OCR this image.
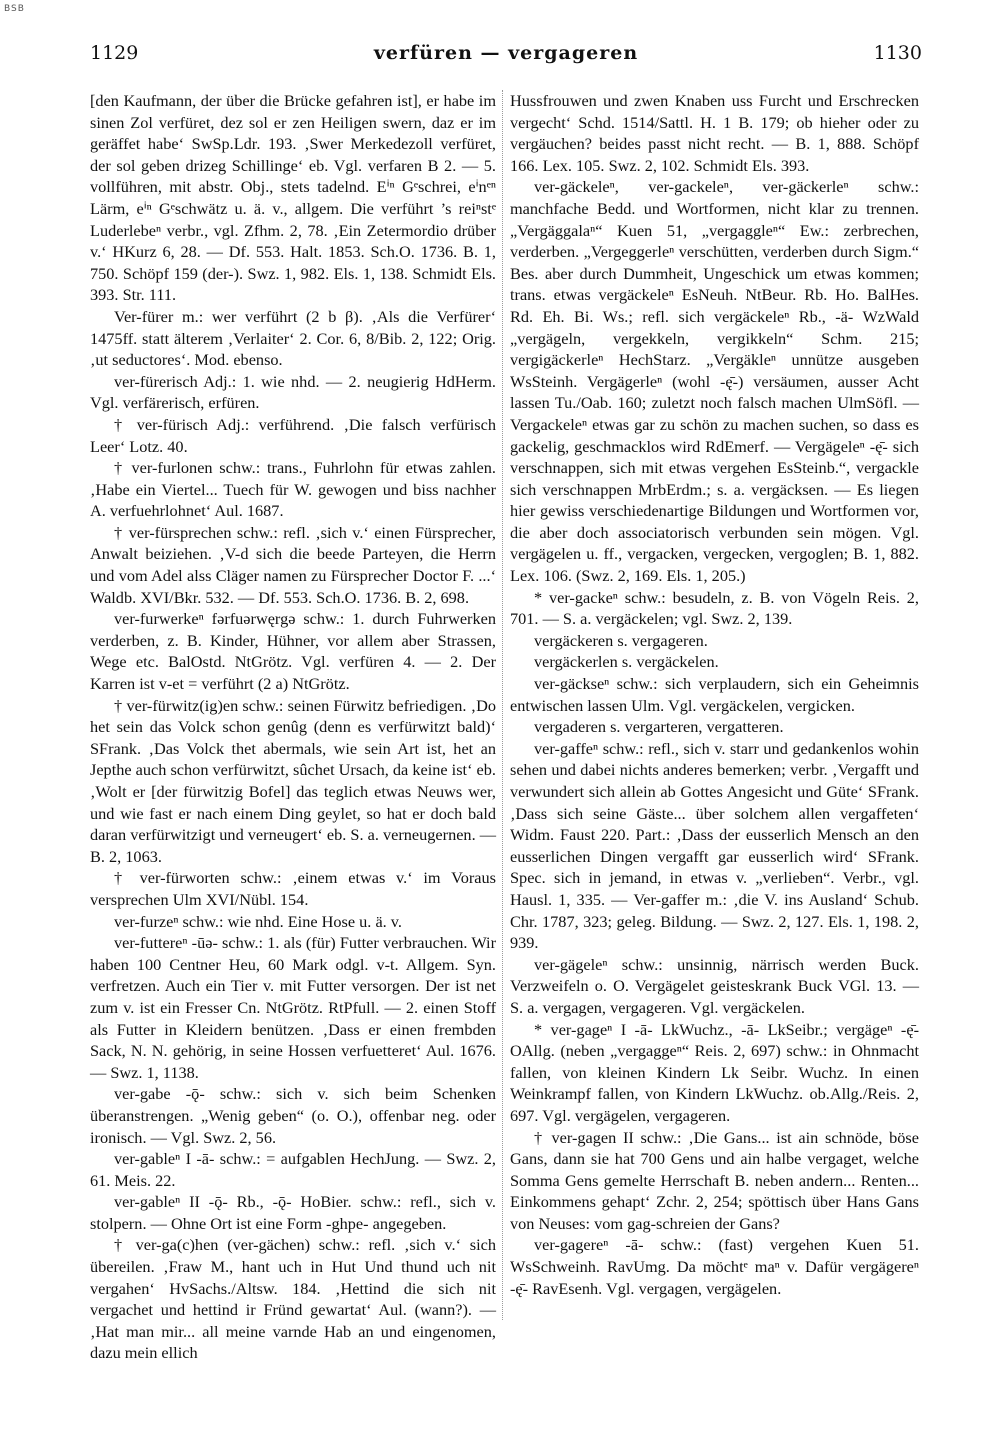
BSB
1129	verfüren — vergageren	1130

[den Kaufmann, der über die Brücke gefahren ist], er habe im sinen Zol verfüret, dez sol er zen Heiligen swern, daz er im geräffet habe‘ SwSp.Ldr. 193. ‚Swer Merkedezoll verfüret, der sol geben drizeg Schillinge‘ eb. Vgl. verfaren B 2. — 5. vollführen, mit abstr. Obj., stets tadelnd. Eⁱⁿ Gᵉschrei, eⁱnᵉⁿ Lärm, eⁱⁿ Gᵉschwätz u. ä. v., allgem. Die verführt ’s reiⁿstᵉ Luderlebeⁿ verbr., vgl. Zfhm. 2, 78. ‚Ein Zetermordio drüber v.‘ HKurz 6, 28. — Df. 553. Halt. 1853. Sch.O. 1736. B. 1, 750. Schöpf 159 (der-). Swz. 1, 982. Els. 1, 138. Schmidt Els. 393. Str. 111.

Ver-fürer m.: wer verführt (2 b β). ‚Als die Verfürer‘ 1475ff. statt älterem ‚Verlaiter‘ 2. Cor. 6, 8/Bib. 2, 122; Orig. ‚ut seductores‘. Mod. ebenso.

ver-fürerisch Adj.: 1. wie nhd. — 2. neugierig HdHerm. Vgl. verfärerisch, erfüren.

† ver-fürisch Adj.: verführend. ‚Die falsch verfürisch Leer‘ Lotz. 40.

† ver-furlonen schw.: trans., Fuhrlohn für etwas zahlen. ‚Habe ein Viertel... Tuech für W. gewogen und biss nachher A. verfuehrlohnet‘ Aul. 1687.

† ver-fürsprechen schw.: refl. ‚sich v.‘ einen Fürsprecher, Anwalt beiziehen. ‚V-d sich die beede Parteyen, die Herrn und vom Adel alss Cläger namen zu Fürsprecher Doctor F. ...‘ Waldb. XVI/Bkr. 532. — Df. 553. Sch.O. 1736. B. 2, 698.

ver-furwerkeⁿ fərfuərwęrgə schw.: 1. durch Fuhrwerken verderben, z. B. Kinder, Hühner, vor allem aber Strassen, Wege etc. BalOstd. NtGrötz. Vgl. verfüren 4. — 2. Der Karren ist v-et = verführt (2 a) NtGrötz.

† ver-fürwitz(ig)en schw.: seinen Fürwitz befriedigen. ‚Do het sein das Volck schon genûg (denn es verfürwitzt bald)‘ SFrank. ‚Das Volck thet abermals, wie sein Art ist, het an Jepthe auch schon verfürwitzt, sûchet Ursach, da keine ist‘ eb. ‚Wolt er [der fürwitzig Bofel] das teglich etwas Neuws wer, und wie fast er nach einem Ding geylet, so hat er doch bald daran verfürwitzigt und verneugert‘ eb. S. a. verneugernen. — B. 2, 1063.

† ver-fürworten schw.: ‚einem etwas v.‘ im Voraus versprechen Ulm XVI/Nübl. 154.

ver-furzeⁿ schw.: wie nhd. Eine Hose u. ä. v.

ver-futtereⁿ -ūə- schw.: 1. als (für) Futter verbrauchen. Wir haben 100 Centner Heu, 60 Mark odgl. v-t. Allgem. Syn. verfretzen. Auch ein Tier v. mit Futter versorgen. Der ist net zum v. ist ein Fresser Cn. NtGrötz. RtPfull. — 2. einen Stoff als Futter in Kleidern benützen. ‚Dass er einen frembden Sack, N. N. gehörig, in seine Hossen verfuetteret‘ Aul. 1676. — Swz. 1, 1138.

ver-gabe -ǭ- schw.: sich v. sich beim Schenken überanstrengen. „Wenig geben“ (o. O.), offenbar neg. oder ironisch. — Vgl. Swz. 2, 56.

ver-gableⁿ I -ā- schw.: = aufgablen HechJung. — Swz. 2, 61. Meis. 22.

ver-gableⁿ II -ǭ- Rb., -ǭ- HoBier. schw.: refl., sich v. stolpern. — Ohne Ort ist eine Form -ghpe- angegeben.

† ver-ga(c)hen (ver-gächen) schw.: refl. ‚sich v.‘ sich übereilen. ‚Fraw M., hant uch in Hut Und thund uch nit vergahen‘ HvSachs./Altsw. 184. ‚Hettind die sich nit vergachet und hettind ir Fründ gewartat‘ Aul. (wann?). — ‚Hat man mir... all meine varnde Hab an und eingenomen, dazu mein ellich

Hussfrouwen und zwen Knaben uss Furcht und Erschrecken vergecht‘ Schd. 1514/Sattl. H. 1 B. 179; ob hieher oder zu vergäuchen? beides passt nicht recht. — B. 1, 888. Schöpf 166. Lex. 105. Swz. 2, 102. Schmidt Els. 393.

ver-gäckeleⁿ, ver-gackeleⁿ, ver-gäckerleⁿ schw.: manchfache Bedd. und Wortformen, nicht klar zu trennen. „Vergäggalaⁿ“ Kuen 51, „vergaggleⁿ“ Ew.: zerbrechen, verderben. „Vergeggerleⁿ verschütten, verderben durch Sigm.“ Bes. aber durch Dummheit, Ungeschick um etwas kommen; trans. etwas vergäckeleⁿ EsNeuh. NtBeur. Rb. Ho. BalHes. Rd. Eh. Bi. Ws.; refl. sich vergäckeleⁿ Rb., -ä- WzWald „vergägeln, vergekkeln, vergikkeln“ Schm. 215; vergigäckerleⁿ HechStarz. „Vergäkleⁿ unnütze ausgeben WsSteinh. Vergägerleⁿ (wohl -ę̄-) versäumen, ausser Acht lassen Tu./Oab. 160; zuletzt noch falsch machen UlmSöfl. — Vergackeleⁿ etwas gar zu schön zu machen suchen, so dass es gackelig, geschmacklos wird RdEmerf. — Vergägeleⁿ -ę̄- sich verschnappen, sich mit etwas vergehen EsSteinb.“, vergackle sich verschnappen MrbErdm.; s. a. vergäcksen. — Es liegen hier gewiss verschiedenartige Bildungen und Wortformen vor, die aber doch associatorisch verbunden sein mögen. Vgl. vergägelen u. ff., vergacken, vergecken, vergoglen; B. 1, 882. Lex. 106. (Swz. 2, 169. Els. 1, 205.)

* ver-gackeⁿ schw.: besudeln, z. B. von Vögeln Reis. 2, 701. — S. a. vergäckelen; vgl. Swz. 2, 139.

vergäckeren s. vergageren.

vergäckerlen s. vergäckelen.

ver-gäckseⁿ schw.: sich verplaudern, sich ein Geheimnis entwischen lassen Ulm. Vgl. vergäckelen, vergicken.

vergaderen s. vergarteren, vergatteren.

ver-gaffeⁿ schw.: refl., sich v. starr und gedankenlos wohin sehen und dabei nichts anderes bemerken; verbr. ‚Vergafft und verwundert sich allein ab Gottes Angesicht und Güte‘ SFrank. ‚Dass sich seine Gäste... über solchem allen vergaffeten‘ Widm. Faust 220. Part.: ‚Dass der eusserlich Mensch an den eusserlichen Dingen vergafft gar eusserlich wird‘ SFrank. Spec. sich in jemand, in etwas v. „verlieben“. Verbr., vgl. Hausl. 1, 335. — Ver-gaffer m.: ‚die V. ins Ausland‘ Schub. Chr. 1787, 323; geleg. Bildung. — Swz. 2, 127. Els. 1, 198. 2, 939.

ver-gägeleⁿ schw.: unsinnig, närrisch werden Buck. Verzweifeln o. O. Vergägelet geisteskrank Buck VGl. 13. — S. a. vergagen, vergageren. Vgl. vergäckelen.

* ver-gageⁿ I -ā- LkWuchz., -ā- LkSeibr.; vergägeⁿ -ę̄- OAllg. (neben „vergaggeⁿ“ Reis. 2, 697) schw.: in Ohnmacht fallen, von kleinen Kindern Lk Seibr. Wuchz. In einen Weinkrampf fallen, von Kindern LkWuchz. ob.Allg./Reis. 2, 697. Vgl. vergägelen, vergageren.

† ver-gagen II schw.: ‚Die Gans... ist ain schnöde, böse Gans, dann sie hat 700 Gens und ain halbe vergaget, welche Somma Gens gemelte Herrschaft B. neben andern... Renten... Einkommens gehapt‘ Zchr. 2, 254; spöttisch über Hans Gans von Neuses: vom gag-schreien der Gans?

ver-gagereⁿ -ā- schw.: (fast) vergehen Kuen 51. WsSchweinh. RavUmg. Da möchtᵉ maⁿ v. Dafür vergägereⁿ -ę̄- RavEsenh. Vgl. vergagen, vergägelen.
